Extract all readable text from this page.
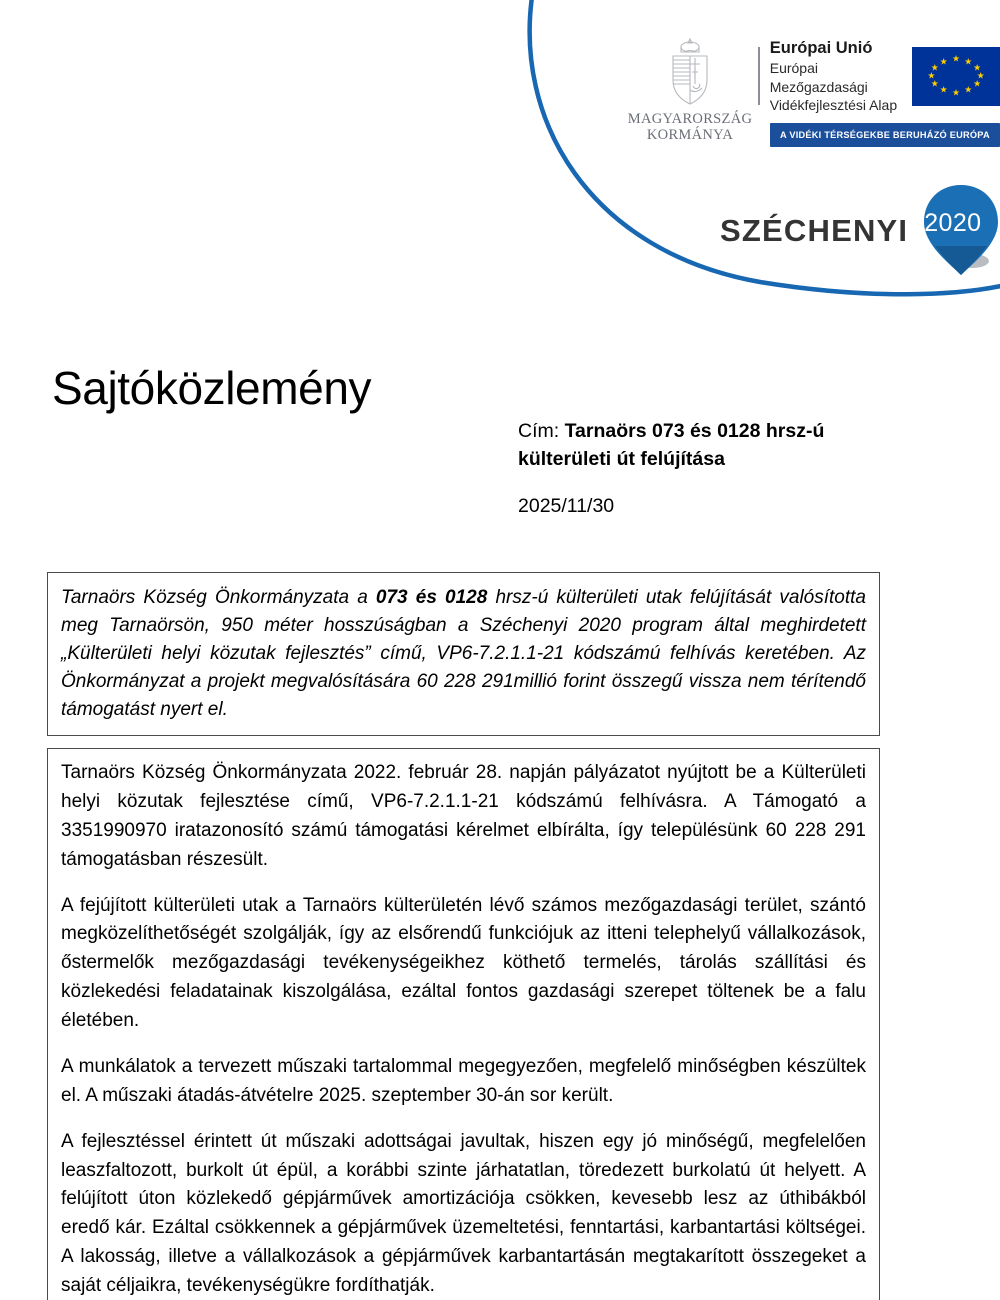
MAGYARORSZÁG
KORMÁNYA
Európai Unió
Európai Mezőgazdasági
Vidékfejlesztési Alap
★ ★
★
★
★
★
★
★
★
★
★
★
A VIDÉKI TÉRSÉGEKBE BERUHÁZÓ EURÓPA
SZÉCHENYI 2020
Sajtóközlemény
Cím: Tarnaörs 073 és 0128 hrsz-ú külterületi út felújítása
2025/11/30

Tarnaörs Község Önkormányzata a 073 és 0128 hrsz-ú külterületi utak felújítását valósította meg Tarnaörsön, 950 méter hosszúságban a Széchenyi 2020 program által meghirdetett „Külterületi helyi közutak fejlesztés” című, VP6-7.2.1.1-21 kódszámú felhívás keretében. Az Önkormányzat a projekt megvalósítására 60 228 291millió forint összegű vissza nem térítendő támogatást nyert el.

Tarnaörs Község Önkormányzata 2022. február 28. napján pályázatot nyújtott be a Külterületi helyi közutak fejlesztése című, VP6-7.2.1.1-21 kódszámú felhívásra. A Támogató a 3351990970 iratazonosító számú támogatási kérelmet elbírálta, így településünk 60 228 291 támogatásban részesült.

A fejújított külterületi utak a Tarnaörs külterületén lévő számos mezőgazdasági terület, szántó megközelíthetőségét szolgálják, így az elsőrendű funkciójuk az itteni telephelyű vállalkozások, őstermelők mezőgazdasági tevékenységeikhez köthető termelés, tárolás szállítási és közlekedési feladatainak kiszolgálása, ezáltal fontos gazdasági szerepet töltenek be a falu életében.

A munkálatok a tervezett műszaki tartalommal megegyezően, megfelelő minőségben készültek el. A műszaki átadás-átvételre 2025. szeptember 30-án sor került.

A fejlesztéssel érintett út műszaki adottságai javultak, hiszen egy jó minőségű, megfelelően leaszfaltozott, burkolt út épül, a korábbi szinte járhatatlan, töredezett burkolatú út helyett. A felújított úton közlekedő gépjárművek amortizációja csökken, kevesebb lesz az úthibákból eredő kár. Ezáltal csökkennek a gépjárművek üzemeltetési, fenntartási, karbantartási költségei. A lakosság, illetve a vállalkozások a gépjárművek karbantartásán megtakarított összegeket a saját céljaikra, tevékenységükre fordíthatják.
